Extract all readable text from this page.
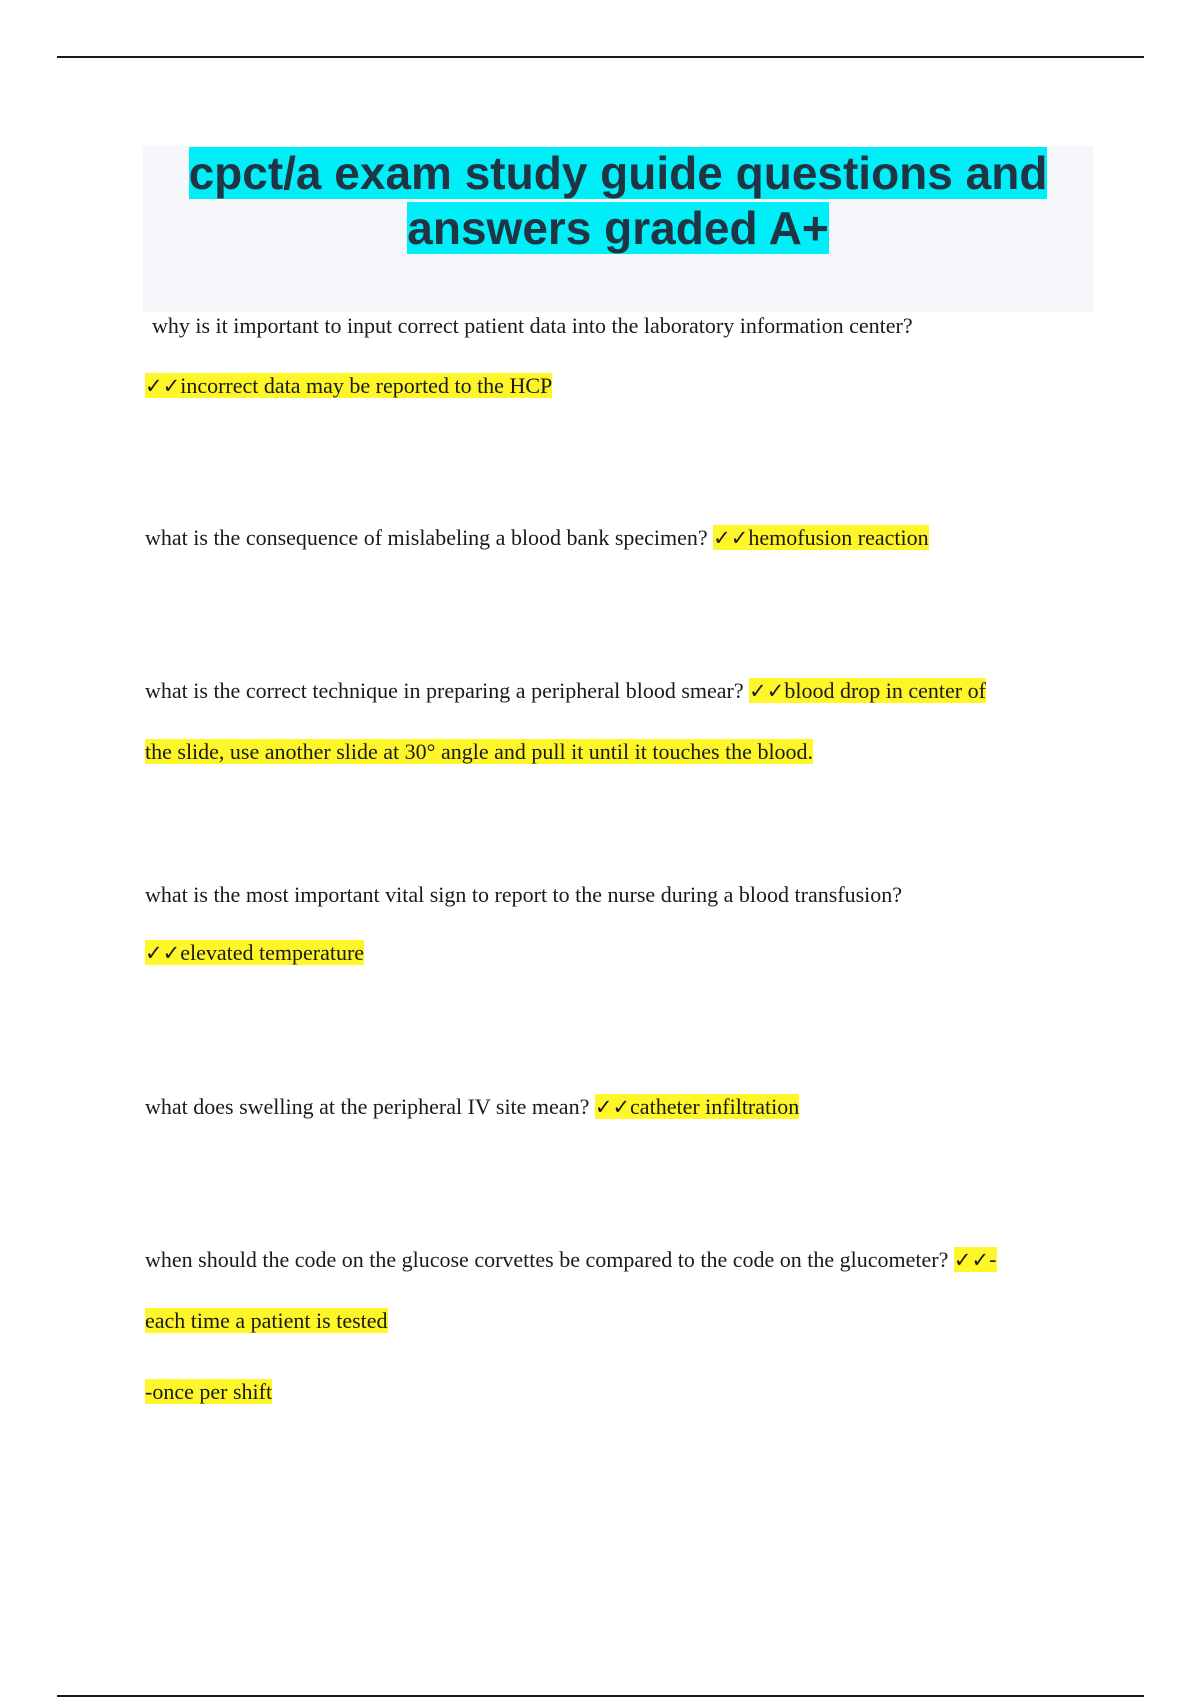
cpct/a exam study guide questions and
answers graded A+
why is it important to input correct patient data into the laboratory information center?
✓✓incorrect data may be reported to the HCP
what is the consequence of mislabeling a blood bank specimen? ✓✓hemofusion reaction
what is the correct technique in preparing a peripheral blood smear? ✓✓blood drop in center of
the slide, use another slide at 30° angle and pull it until it touches the blood.
what is the most important vital sign to report to the nurse during a blood transfusion?
✓✓elevated temperature
what does swelling at the peripheral IV site mean? ✓✓catheter infiltration
when should the code on the glucose corvettes be compared to the code on the glucometer? ✓✓-
each time a patient is tested
-once per shift
